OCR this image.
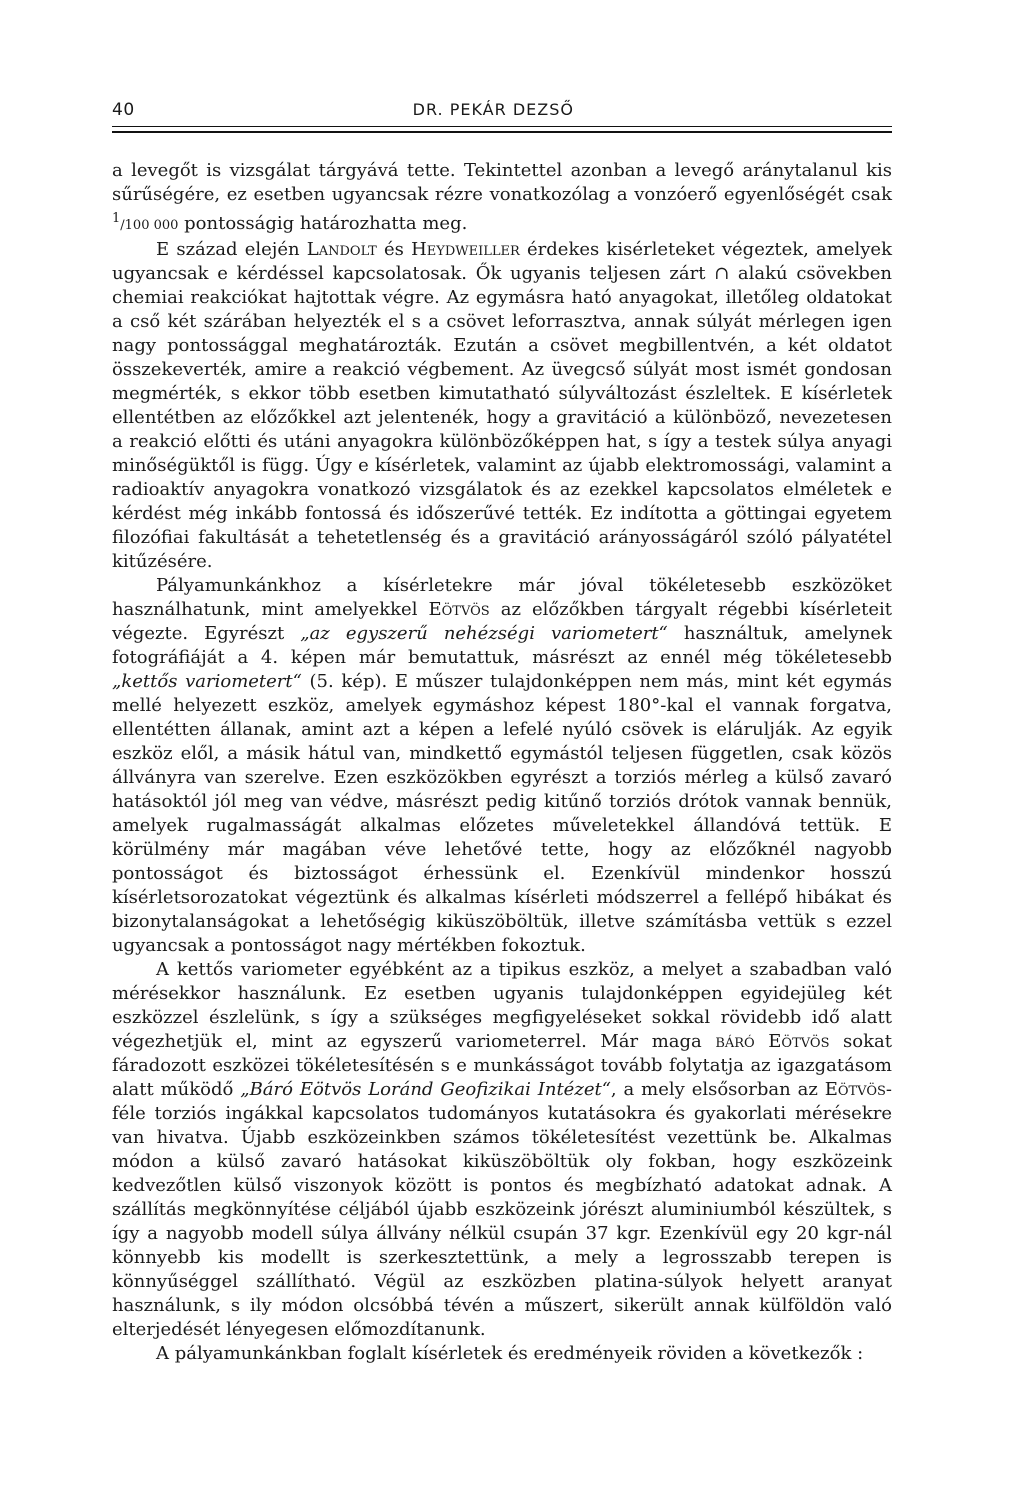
40	DR. PEKÁR DEZSŐ

a levegőt is vizsgálat tárgyává tette. Tekintettel azonban a levegő aránytalanul kis sűrűségére, ez esetben ugyancsak rézre vonatkozólag a vonzóerő egyenlőségét csak $^1$/100 000 pontosságig határozhatta meg.

E század elején Landolt és Heydweiller érdekes kisérleteket végeztek, amelyek ugyancsak e kérdéssel kapcsolatosak. Ők ugyanis teljesen zárt ∩ alakú csövekben chemiai reakciókat hajtottak végre. Az egymásra ható anyagokat, illetőleg oldatokat a cső két szárában helyezték el s a csövet leforrasztva, annak súlyát mérlegen igen nagy pontossággal meghatározták. Ezután a csövet megbillentvén, a két oldatot összekeverték, amire a reakció végbement. Az üvegcső súlyát most ismét gondosan megmérték, s ekkor több esetben kimutatható súlyváltozást észleltek. E kísérletek ellentétben az előzőkkel azt jelentenék, hogy a gravitáció a különböző, nevezetesen a reakció előtti és utáni anyagokra különbözőképpen hat, s így a testek súlya anyagi minőségüktől is függ. Úgy e kísérletek, valamint az újabb elektromossági, valamint a radioaktív anyagokra vonatkozó vizsgálatok és az ezekkel kapcsolatos elméletek e kérdést még inkább fontossá és időszerűvé tették. Ez indította a göttingai egyetem filozófiai fakultását a tehetetlenség és a gravitáció arányosságáról szóló pályatétel kitűzésére.

Pályamunkánkhoz a kísérletekre már jóval tökéletesebb eszközöket használhatunk, mint amelyekkel Eötvös az előzőkben tárgyalt régebbi kísérleteit végezte. Egyrészt „az egyszerű nehézségi variometert“ használtuk, amelynek fotográfiáját a 4. képen már bemutattuk, másrészt az ennél még tökéletesebb „kettős variometert“ (5. kép). E műszer tulajdonképpen nem más, mint két egymás mellé helyezett eszköz, amelyek egymáshoz képest 180°-kal el vannak forgatva, ellentétten állanak, amint azt a képen a lefelé nyúló csövek is elárulják. Az egyik eszköz elől, a másik hátul van, mindkettő egymástól teljesen független, csak közös állványra van szerelve. Ezen eszközökben egyrészt a torziós mérleg a külső zavaró hatásoktól jól meg van védve, másrészt pedig kitűnő torziós drótok vannak bennük, amelyek rugalmasságát alkalmas előzetes műveletekkel állandóvá tettük. E körülmény már magában véve lehetővé tette, hogy az előzőknél nagyobb pontosságot és biztosságot érhessünk el. Ezenkívül mindenkor hosszú kísérletsorozatokat végeztünk és alkalmas kísérleti módszerrel a fellépő hibákat és bizonytalanságokat a lehetőségig kiküszöböltük, illetve számításba vettük s ezzel ugyancsak a pontosságot nagy mértékben fokoztuk.

A kettős variometer egyébként az a tipikus eszköz, a melyet a szabadban való mérésekkor használunk. Ez esetben ugyanis tulajdonképpen egyidejüleg két eszközzel észlelünk, s így a szükséges megfigyeléseket sokkal rövidebb idő alatt végezhetjük el, mint az egyszerű variometerrel. Már maga báró Eötvös sokat fáradozott eszközei tökéletesítésén s e munkásságot tovább folytatja az igazgatásom alatt működő „Báró Eötvös Loránd Geofizikai Intézet“, a mely elsősorban az Eötvös-féle torziós ingákkal kapcsolatos tudományos kutatásokra és gyakorlati mérésekre van hivatva. Újabb eszközeinkben számos tökéletesítést vezettünk be. Alkalmas módon a külső zavaró hatásokat kiküszöböltük oly fokban, hogy eszközeink kedvezőtlen külső viszonyok között is pontos és megbízható adatokat adnak. A szállítás megkönnyítése céljából újabb eszközeink jórészt aluminiumból készültek, s így a nagyobb modell súlya állvány nélkül csupán 37 kgr. Ezenkívül egy 20 kgr-nál könnyebb kis modellt is szerkesztettünk, a mely a legrosszabb terepen is könnyűséggel szállítható. Végül az eszközben platina-súlyok helyett aranyat használunk, s ily módon olcsóbbá tévén a műszert, sikerült annak külföldön való elterjedését lényegesen előmozdítanunk.

A pályamunkánkban foglalt kísérletek és eredményeik röviden a következők :
